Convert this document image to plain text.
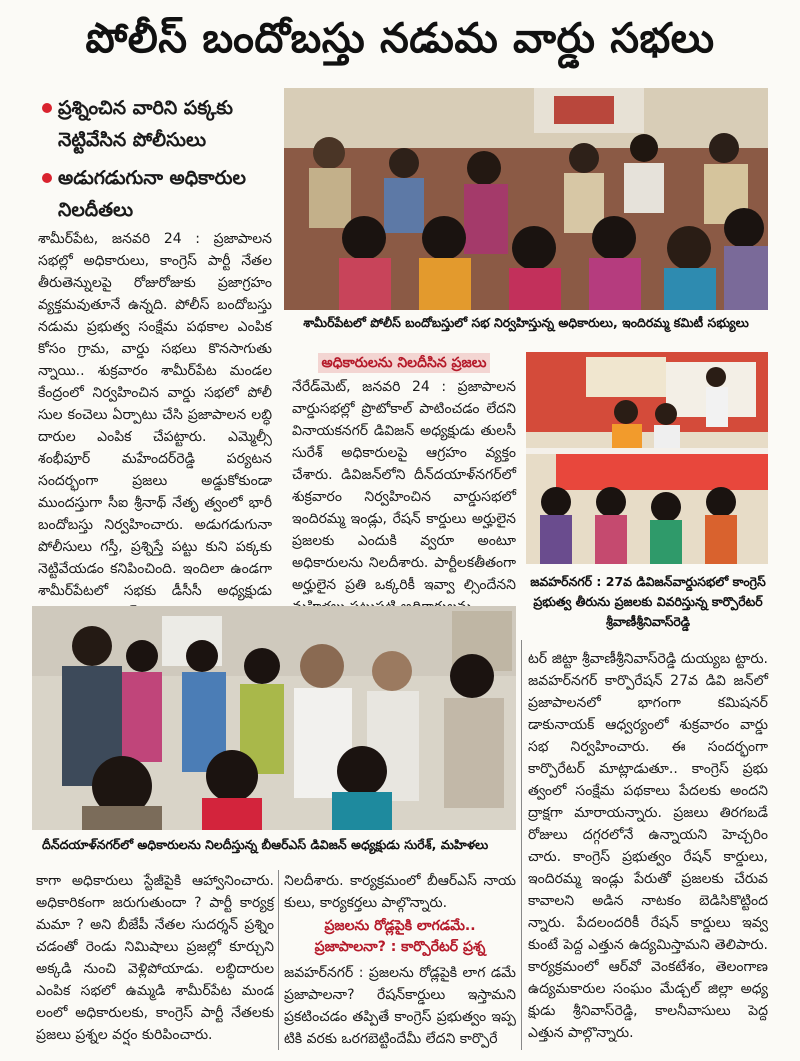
పోలీస్ బందోబస్తు నడుమ వార్డు సభలు
ప్రశ్నించిన వారిని పక్కకు నెట్టివేసిన పోలీసులు
అడుగడుగునా అధికారుల నిలదీతలు

శామీర్‌పేట, జనవరి 24 : ప్రజాపాలన సభల్లో అధికారులు, కాంగ్రెస్ పార్టీ నేతల తీరుతెన్నులపై రోజురోజుకు ప్రజాగ్రహం వ్యక్తమవుతూనే ఉన్నది. పోలీస్ బందోబస్తు నడుమ ప్రభుత్వ సంక్షేమ పథకాల ఎంపిక కోసం గ్రామ, వార్డు సభలు కొనసాగుతు న్నాయి.. శుక్రవారం శామీర్‌పేట మండల కేంద్రంలో నిర్వహించిన వార్డు సభలో పోలీ సుల కంచెలు ఏర్పాటు చేసి ప్రజాపాలన లబ్ధి దారుల ఎంపిక చేపట్టారు. ఎమ్మెల్సీ శంభీపూర్ మహేందర్‌రెడ్డి పర్యటన సందర్భంగా ప్రజలు అడ్డుకోకుండా ముందస్తుగా సీఐ శ్రీనాథ్ నేతృ త్వంలో భారీ బందోబస్తు నిర్వహించారు. అడుగడుగునా పోలీసులు గస్తీ, ప్రశ్నిస్తే పట్టు కుని పక్కకు నెట్టివేయడం కనిపించింది. ఇందిలా ఉండగా శామీర్‌పేటలో సభకు డీసీసీ అధ్యక్షుడు

శామీర్‌పేటలో పోలీస్ బందోబస్తులో సభ నిర్వహిస్తున్న అధికారులు, ఇందిరమ్మ కమిటీ సభ్యులు
అధికారులను నిలదీసిన ప్రజలు

నేరేడ్‌మెట్, జనవరి 24 : ప్రజాపాలన వార్డుసభల్లో ప్రొటోకాల్ పాటించడం లేదని వినాయకనగర్ డివిజన్ అధ్యక్షుడు తులసీ సురేశ్ అధికారులపై ఆగ్రహం వ్యక్తం చేశారు. డివిజన్‌లోని దీన్‌దయాళ్‌నగర్‌లో శుక్రవారం నిర్వహించిన వార్డుసభలో ఇందిరమ్మ ఇండ్లు, రేషన్ కార్డులు అర్హులైన ప్రజలకు ఎందుకి వ్వరూ అంటూ అధికారులను నిలదీశారు. పార్టీలకతీతంగా అర్హులైన ప్రతి ఒక్కరికీ ఇవ్వా ల్సిందేనని జవహర్‌నగర్ : 27వ డివిజన్‌వార్డుసభలో కాంగ్రెస్ ప్రభుత్వ తీరును ప్రజలకు వివరిస్తున్న కార్పొరేటర్ శ్రీవాణీశ్రీనివాస్‌రెడ్డి
దీన్‌దయాళ్‌నగర్‌లో అధికారులను నిలదీస్తున్న బీఆర్ఎస్ డివిజన్ అధ్యక్షుడు సురేశ్, మహిళలు

కాగా అధికారులు స్టేజీపైకి ఆహ్వానించారు. అధికారికంగా జరుగుతుందా ? పార్టీ కార్యక్ర మమా ? అని బీజేపీ నేతల సుదర్శన్ ప్రశ్నిం చడంతో రెండు నిమిషాలు ప్రజల్లో కూర్చుని అక్కడి నుంచి వెళ్లిపోయాడు. లబ్ధిదారుల ఎంపిక సభలో ఉమ్మడి శామీర్‌పేట మండ లంలో అధికారులకు, కాంగ్రెస్ పార్టీ నేతలకు ప్రజలు ప్రశ్నల వర్షం కురిపించారు.

నిలదీశారు. కార్యక్రమంలో బీఆర్ఎస్ నాయ కులు, కార్యకర్తలు పాల్గొన్నారు.

ప్రజలను రోడ్లపైకి లాగడమే..
ప్రజాపాలనా? : కార్పొరేటర్ ప్రశ్న

జవహర్‌నగర్ : ప్రజలను రోడ్లపైకి లాగ డమే ప్రజాపాలనా? రేషన్‌కార్డులు ఇస్తామని ప్రకటించడం తప్పితే కాంగ్రెస్ ప్రభుత్వం ఇప్ప టికి వరకు ఒరగబెట్టిందేమీ లేదని కార్పొరే

టర్ జిట్టా శ్రీవాణీశ్రీనివాస్‌రెడ్డి దుయ్యబ ట్టారు. జవహర్‌నగర్ కార్పొరేషన్ 27వ డివి జన్‌లో ప్రజాపాలనలో భాగంగా కమిషనర్ డాకునాయక్ ఆధ్వర్యంలో శుక్రవారం వార్డు సభ నిర్వహించారు. ఈ సందర్భంగా కార్పొరేటర్ మాట్లాడుతూ.. కాంగ్రెస్ ప్రభు త్వంలో సంక్షేమ పథకాలు పేదలకు అందని ద్రాక్షగా మారాయన్నారు. ప్రజలు తిరగబడే రోజులు దగ్గరలోనే ఉన్నాయని హెచ్చరిం చారు. కాంగ్రెస్ ప్రభుత్వం రేషన్ కార్డులు, ఇందిరమ్మ ఇండ్లు పేరుతో ప్రజలకు చేరువ కావాలని అడిన నాటకం బెడిసికొట్టింద న్నారు. పేదలందరికీ రేషన్ కార్డులు ఇవ్వ కుంటే పెద్ద ఎత్తున ఉద్యమిస్తామని తెలిపారు. కార్యక్రమంలో ఆర్‌వో వెంకటేశం, తెలంగాణ ఉద్యమకారుల సంఘం మేడ్చల్ జిల్లా అధ్య క్షుడు శ్రీనివాస్‌రెడ్డి, కాలనీవాసులు పెద్ద ఎత్తున పాల్గొన్నారు.
